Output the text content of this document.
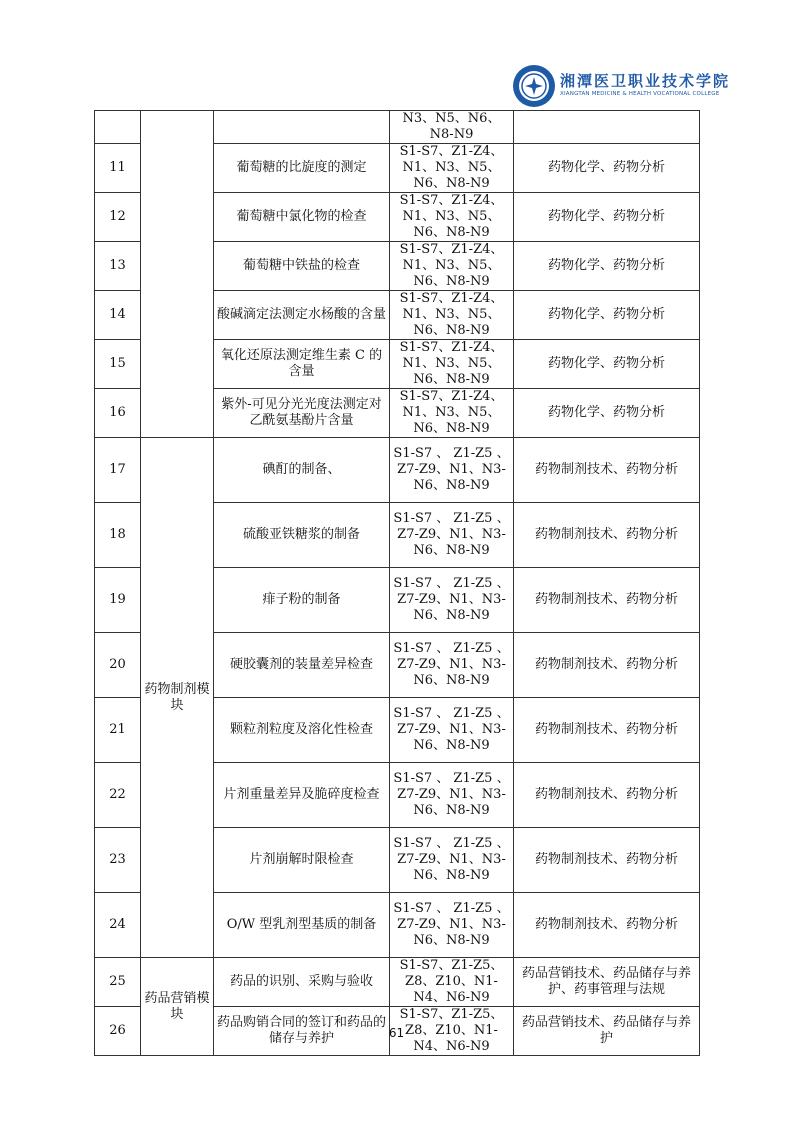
湘潭医卫职业技术学院
XIANGTAN MEDICINE & HEALTH VOCATIONAL COLLEGE
			N3、N5、N6、N8-N9	
11		葡萄糖的比旋度的测定	S1-S7、Z1-Z4、N1、N3、N5、N6、N8-N9	药物化学、药物分析
12		葡萄糖中氯化物的检查	S1-S7、Z1-Z4、N1、N3、N5、N6、N8-N9	药物化学、药物分析
13		葡萄糖中铁盐的检查	S1-S7、Z1-Z4、N1、N3、N5、N6、N8-N9	药物化学、药物分析
14		酸碱滴定法测定水杨酸的含量	S1-S7、Z1-Z4、N1、N3、N5、N6、N8-N9	药物化学、药物分析
15		氧化还原法测定维生素 C 的含量	S1-S7、Z1-Z4、N1、N3、N5、N6、N8-N9	药物化学、药物分析
16		紫外-可见分光光度法测定对乙酰氨基酚片含量	S1-S7、Z1-Z4、N1、N3、N5、N6、N8-N9	药物化学、药物分析
17	药物制剂模块	碘酊的制备、	S1-S7 、 Z1-Z5 、Z7-Z9、N1、N3-N6、N8-N9	药物制剂技术、药物分析
18		硫酸亚铁糖浆的制备	S1-S7 、 Z1-Z5 、Z7-Z9、N1、N3-N6、N8-N9	药物制剂技术、药物分析
19		痱子粉的制备	S1-S7 、 Z1-Z5 、Z7-Z9、N1、N3-N6、N8-N9	药物制剂技术、药物分析
20		硬胶囊剂的装量差异检查	S1-S7 、 Z1-Z5 、Z7-Z9、N1、N3-N6、N8-N9	药物制剂技术、药物分析
21		颗粒剂粒度及溶化性检查	S1-S7 、 Z1-Z5 、Z7-Z9、N1、N3-N6、N8-N9	药物制剂技术、药物分析
22		片剂重量差异及脆碎度检查	S1-S7 、 Z1-Z5 、Z7-Z9、N1、N3-N6、N8-N9	药物制剂技术、药物分析
23		片剂崩解时限检查	S1-S7 、 Z1-Z5 、Z7-Z9、N1、N3-N6、N8-N9	药物制剂技术、药物分析
24		O/W 型乳剂型基质的制备	S1-S7 、 Z1-Z5 、Z7-Z9、N1、N3-N6、N8-N9	药物制剂技术、药物分析
25	药品营销模块	药品的识别、采购与验收	S1-S7、Z1-Z5、Z8、Z10、N1-N4、N6-N9	药品营销技术、药品储存与养护、药事管理与法规
26		药品购销合同的签订和药品的储存与养护	S1-S7、Z1-Z5、Z8、Z10、N1-N4、N6-N9	药品营销技术、药品储存与养护
61
